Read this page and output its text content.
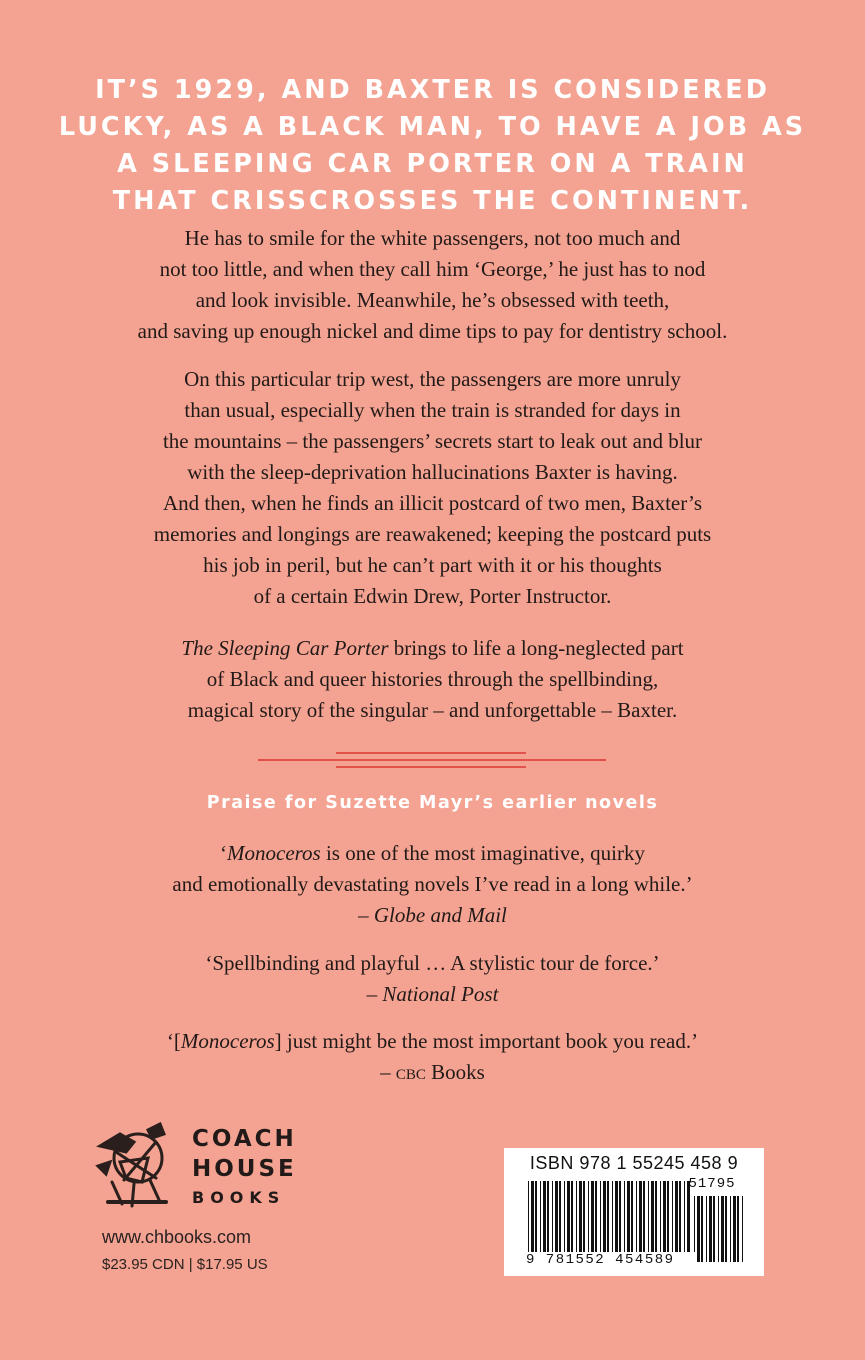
IT’S 1929, AND BAXTER IS CONSIDERED
LUCKY, AS A BLACK MAN, TO HAVE A JOB AS
A SLEEPING CAR PORTER ON A TRAIN
THAT CRISSCROSSES THE CONTINENT.
He has to smile for the white passengers, not too much and
not too little, and when they call him ‘George,’ he just has to nod
and look invisible. Meanwhile, he’s obsessed with teeth,
and saving up enough nickel and dime tips to pay for dentistry school.
On this particular trip west, the passengers are more unruly
than usual, especially when the train is stranded for days in
the mountains – the passengers’ secrets start to leak out and blur
with the sleep-deprivation hallucinations Baxter is having.
And then, when he finds an illicit postcard of two men, Baxter’s
memories and longings are reawakened; keeping the postcard puts
his job in peril, but he can’t part with it or his thoughts
of a certain Edwin Drew, Porter Instructor.
The Sleeping Car Porter brings to life a long-neglected part
of Black and queer histories through the spellbinding,
magical story of the singular – and unforgettable – Baxter.
Praise for Suzette Mayr’s earlier novels
‘Monoceros is one of the most imaginative, quirky
and emotionally devastating novels I’ve read in a long while.’
– Globe and Mail
‘Spellbinding and playful … A stylistic tour de force.’
– National Post
‘[Monoceros] just might be the most important book you read.’
– cbc Books
COACH
HOUSE
BOOKS
www.chbooks.com
$23.95 CDN | $17.95 US
ISBN 978 1 55245 458 9
51795
9 781552 454589
